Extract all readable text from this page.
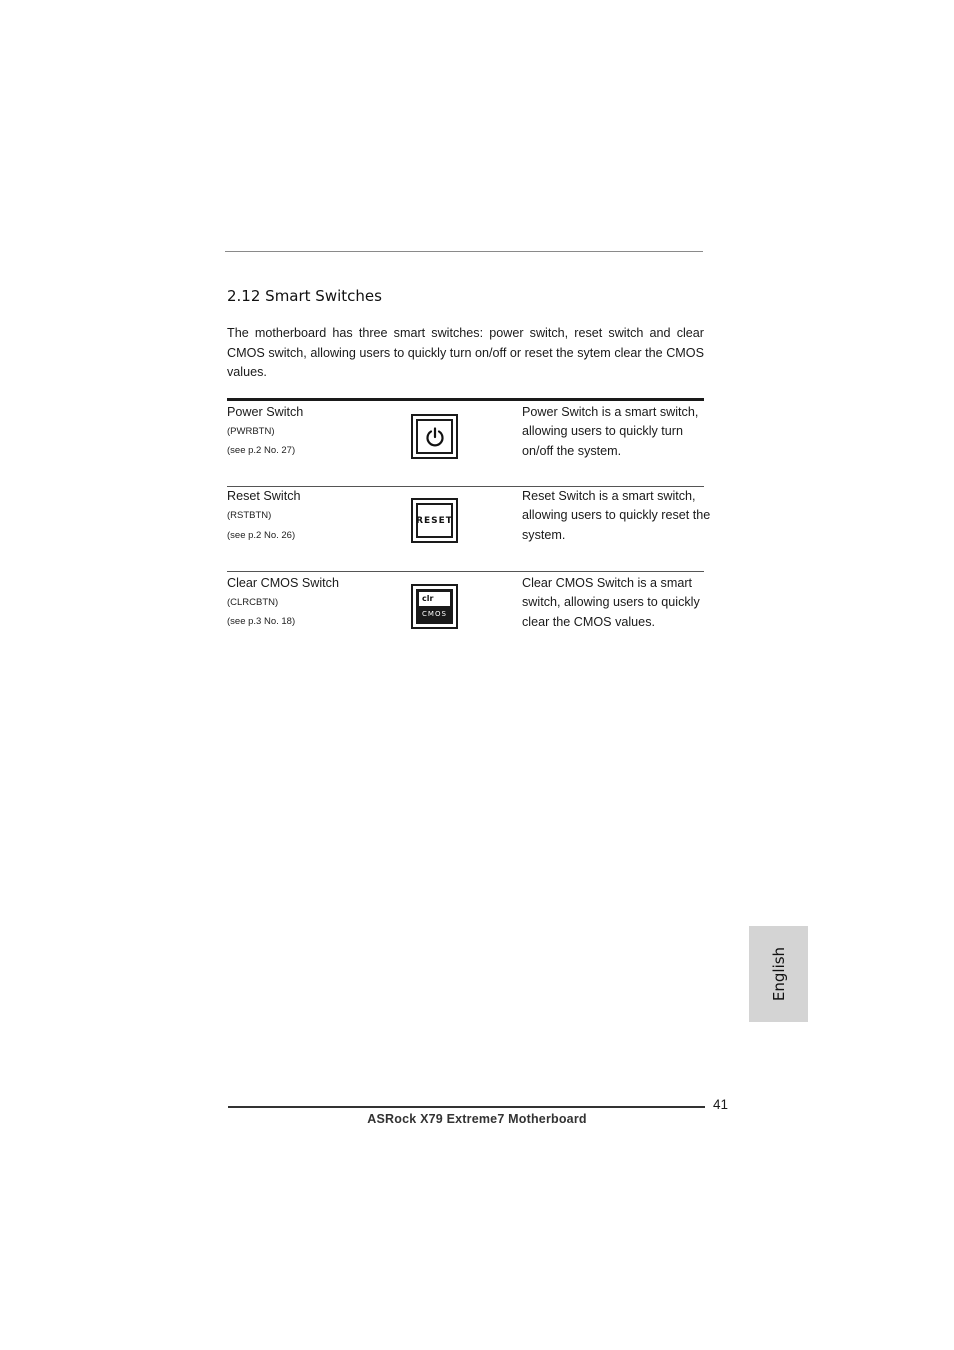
2.12 Smart Switches

The motherboard has three smart switches: power switch, reset switch and clear CMOS switch, allowing users to quickly turn on/off or reset the sytem clear the CMOS values.

Power Switch
(PWRBTN)
(see p.2 No. 27)

Power Switch is a smart switch, allowing users to quickly turn on/off the system.

Reset Switch
(RSTBTN)
(see p.2 No. 26)
RESET

Reset Switch is a smart switch, allowing users to quickly reset the system.

Clear CMOS Switch
(CLRCBTN)
(see p.3 No. 18)
clr
CMOS

Clear CMOS Switch is a smart switch, allowing users to quickly clear the CMOS values.

English
41
ASRock X79 Extreme7 Motherboard
